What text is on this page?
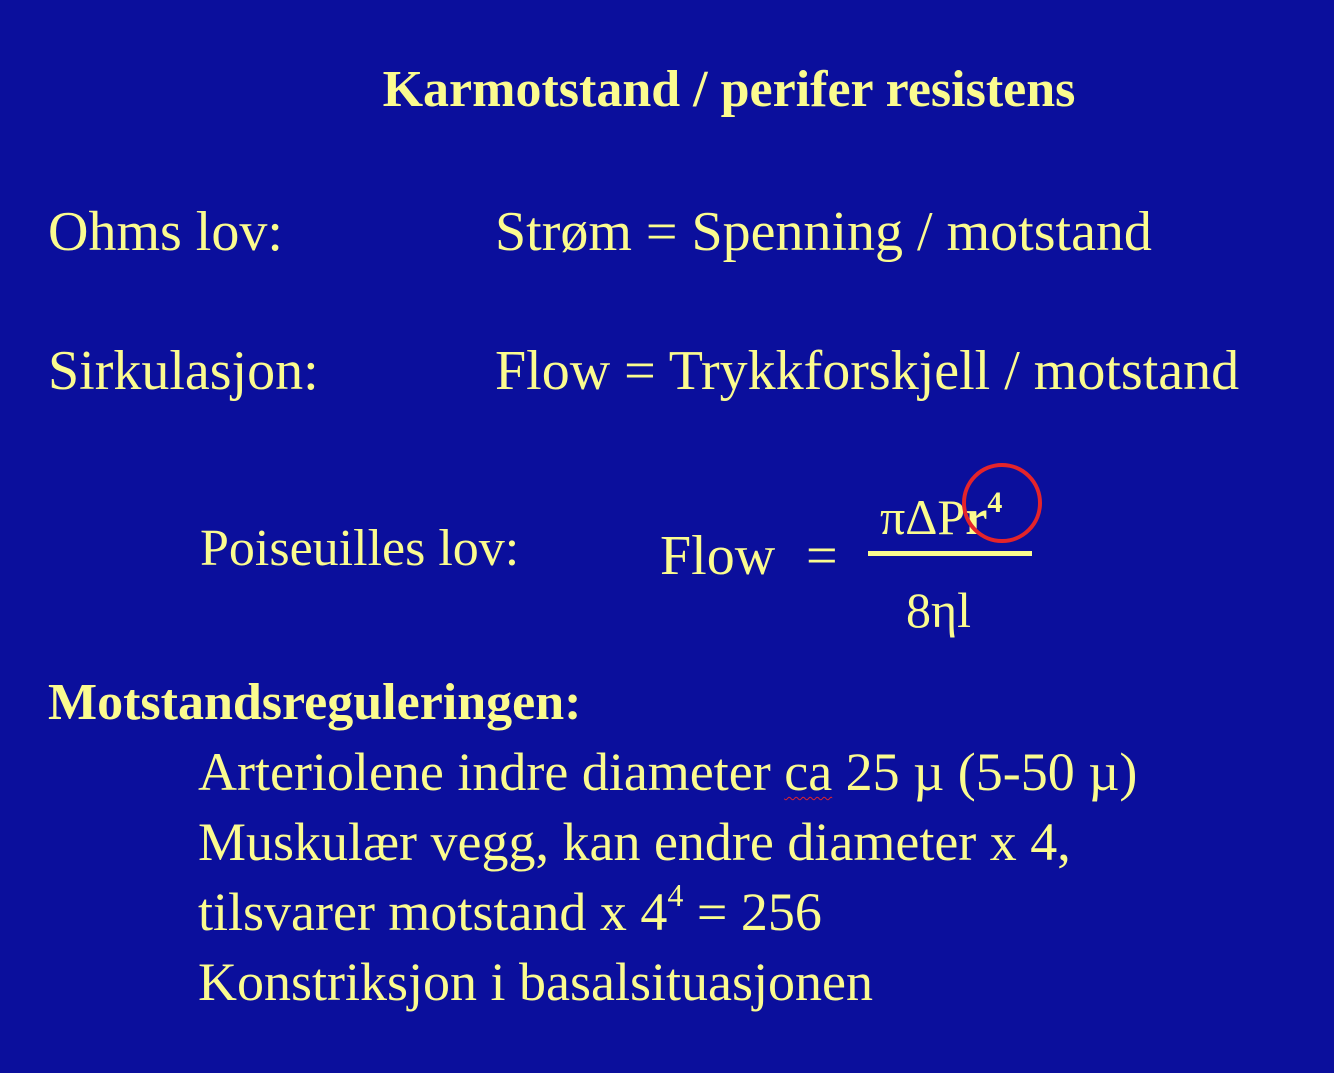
Karmotstand / perifer resistens
Ohms lov:	Strøm = Spenning / motstand
Sirkulasjon:	Flow = Trykkforskjell / motstand
Poiseuilles lov:	Flow =
πΔPr$^4$
8ηl
Motstandsreguleringen:
Arteriolene indre diameter ca 25 µ (5-50 µ)
Muskulær vegg, kan endre diameter x 4,
tilsvarer motstand x $4^4 = 256$
Konstriksjon i basalsituasjonen
